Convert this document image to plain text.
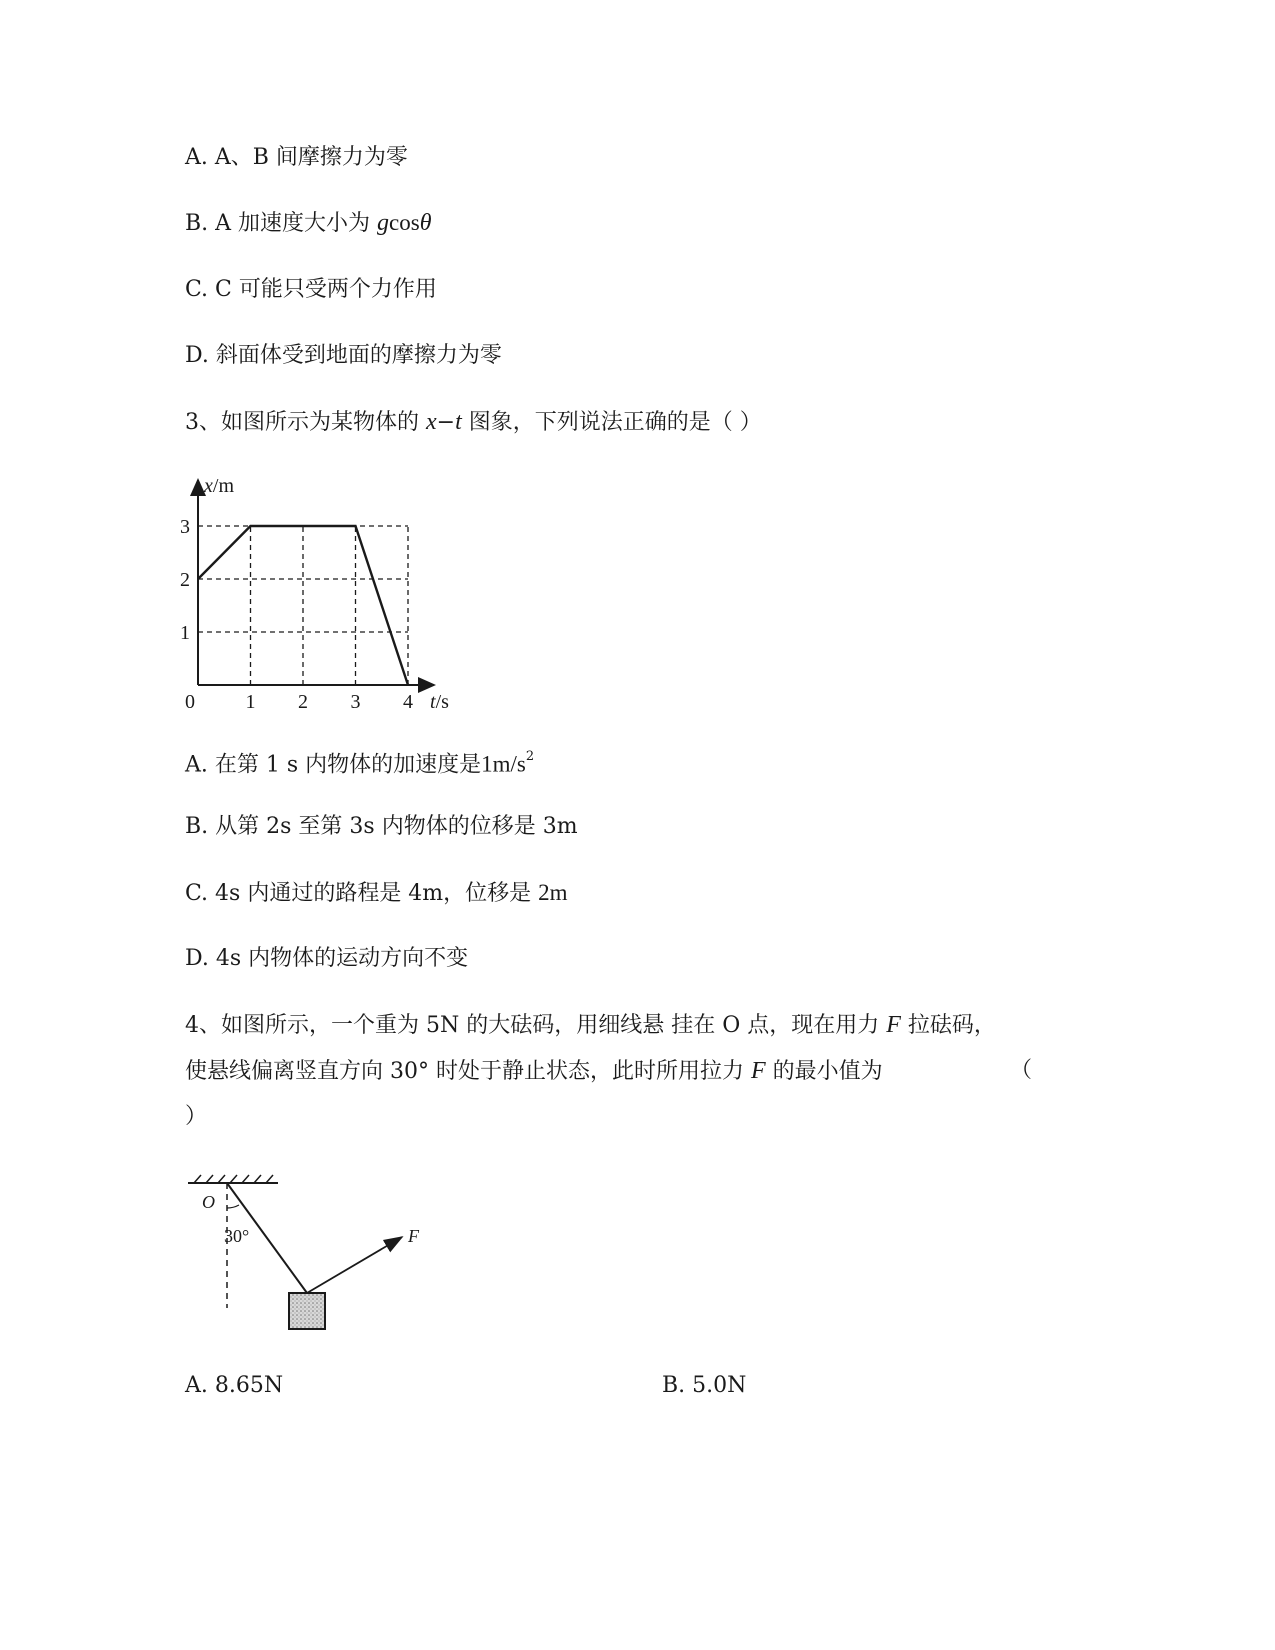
A. A、B 间摩擦力为零
B. A 加速度大小为 gcosθ
C. C 可能只受两个力作用
D. 斜面体受到地面的摩擦力为零
3、如图所示为某物体的 x−t 图象，下列说法正确的是（ ）
x/m
t/s
0	1 2 3 4
1
2
3
A. 在第 1 s 内物体的加速度是$1m/s^2$
B. 从第 2s 至第 3s 内物体的位移是 3m
C. 4s 内通过的路程是 4m，位移是 2m
D. 4s 内物体的运动方向不变
4、如图所示，一个重为 5N 的大砝码，用细线悬 挂在 O 点，现在用力 F 拉砝码，
使悬线偏离竖直方向 30° 时处于静止状态，此时所用拉力 F 的最小值为	（
）
O
30°	F
A. 8.65N	B. 5.0N
